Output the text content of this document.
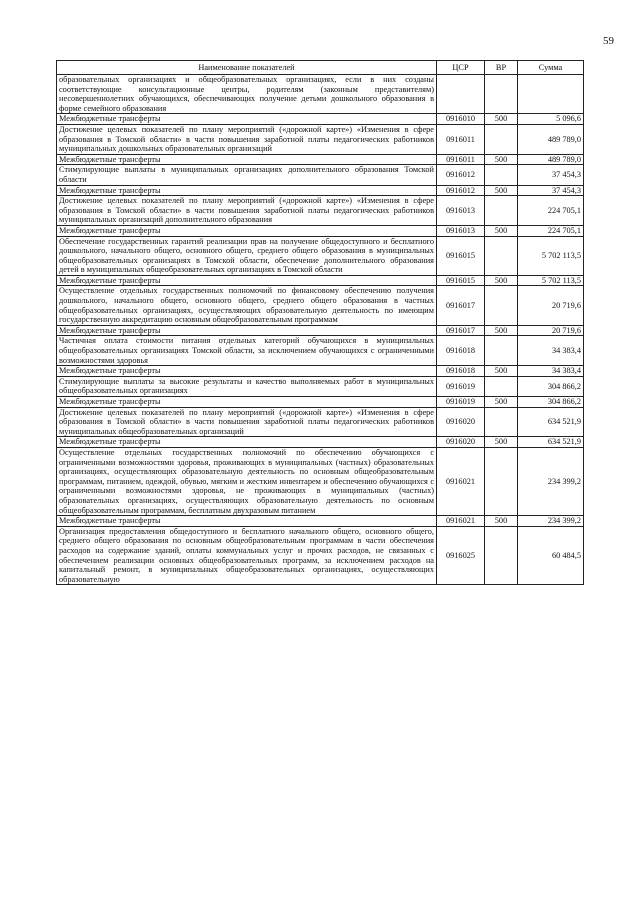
59
Наименование показателей	ЦСР	ВР	Сумма
образовательных организациях и общеобразовательных организациях, если в них созданы соответствующие консультационные центры, родителям (законным представителям) несовершеннолетних обучающихся, обеспечивающих получение детьми дошкольного образования в форме семейного образования			
Межбюджетные трансферты	0916010	500	5 096,6
Достижение целевых показателей по плану мероприятий («дорожной карте») «Изменения в сфере образования в Томской области» в части повышения заработной платы педагогических работников муниципальных дошкольных образовательных организаций	0916011		489 789,0
Межбюджетные трансферты	0916011	500	489 789,0
Стимулирующие выплаты в муниципальных организациях дополнительного образования Томской области	0916012		37 454,3
Межбюджетные трансферты	0916012	500	37 454,3
Достижение целевых показателей по плану мероприятий («дорожной карте») «Изменения в сфере образования в Томской области» в части повышения заработной платы педагогических работников муниципальных организаций дополнительного образования	0916013		224 705,1
Межбюджетные трансферты	0916013	500	224 705,1
Обеспечение государственных гарантий реализации прав на получение общедоступного и бесплатного дошкольного, начального общего, основного общего, среднего общего образования в муниципальных общеобразовательных организациях в Томской области, обеспечение дополнительного образования детей в муниципальных общеобразовательных организациях в Томской области	0916015		5 702 113,5
Межбюджетные трансферты	0916015	500	5 702 113,5
Осуществление отдельных государственных полномочий по финансовому обеспечению получения дошкольного, начального общего, основного общего, среднего общего образования в частных общеобразовательных организациях, осуществляющих образовательную деятельность по имеющим государственную аккредитацию основным общеобразовательным программам	0916017		20 719,6
Межбюджетные трансферты	0916017	500	20 719,6
Частичная оплата стоимости питания отдельных категорий обучающихся в муниципальных общеобразовательных организациях Томской области, за исключением обучающихся с ограниченными возможностями здоровья	0916018		34 383,4
Межбюджетные трансферты	0916018	500	34 383,4
Стимулирующие выплаты за высокие результаты и качество выполняемых работ в муниципальных общеобразовательных организациях	0916019		304 866,2
Межбюджетные трансферты	0916019	500	304 866,2
Достижение целевых показателей по плану мероприятий («дорожной карте») «Изменения в сфере образования в Томской области» в части повышения заработной платы педагогических работников муниципальных общеобразовательных организаций	0916020		634 521,9
Межбюджетные трансферты	0916020	500	634 521,9
Осуществление отдельных государственных полномочий по обеспечению обучающихся с ограниченными возможностями здоровья, проживающих в муниципальных (частных) образовательных организациях, осуществляющих образовательную деятельность по основным общеобразовательным программам, питанием, одеждой, обувью, мягким и жестким инвентарем и обеспечению обучающихся с ограниченными возможностями здоровья, не проживающих в муниципальных (частных) образовательных организациях, осуществляющих образовательную деятельность по основным общеобразовательным программам, бесплатным двухразовым питанием	0916021		234 399,2
Межбюджетные трансферты	0916021	500	234 399,2
Организация предоставления общедоступного и бесплатного начального общего, основного общего, среднего общего образования по основным общеобразовательным программам в части обеспечения расходов на содержание зданий, оплаты коммунальных услуг и прочих расходов, не связанных с обеспечением реализации основных общеобразовательных программ, за исключением расходов на капитальный ремонт, в муниципальных общеобразовательных организациях, осуществляющих образовательную	0916025		60 484,5
